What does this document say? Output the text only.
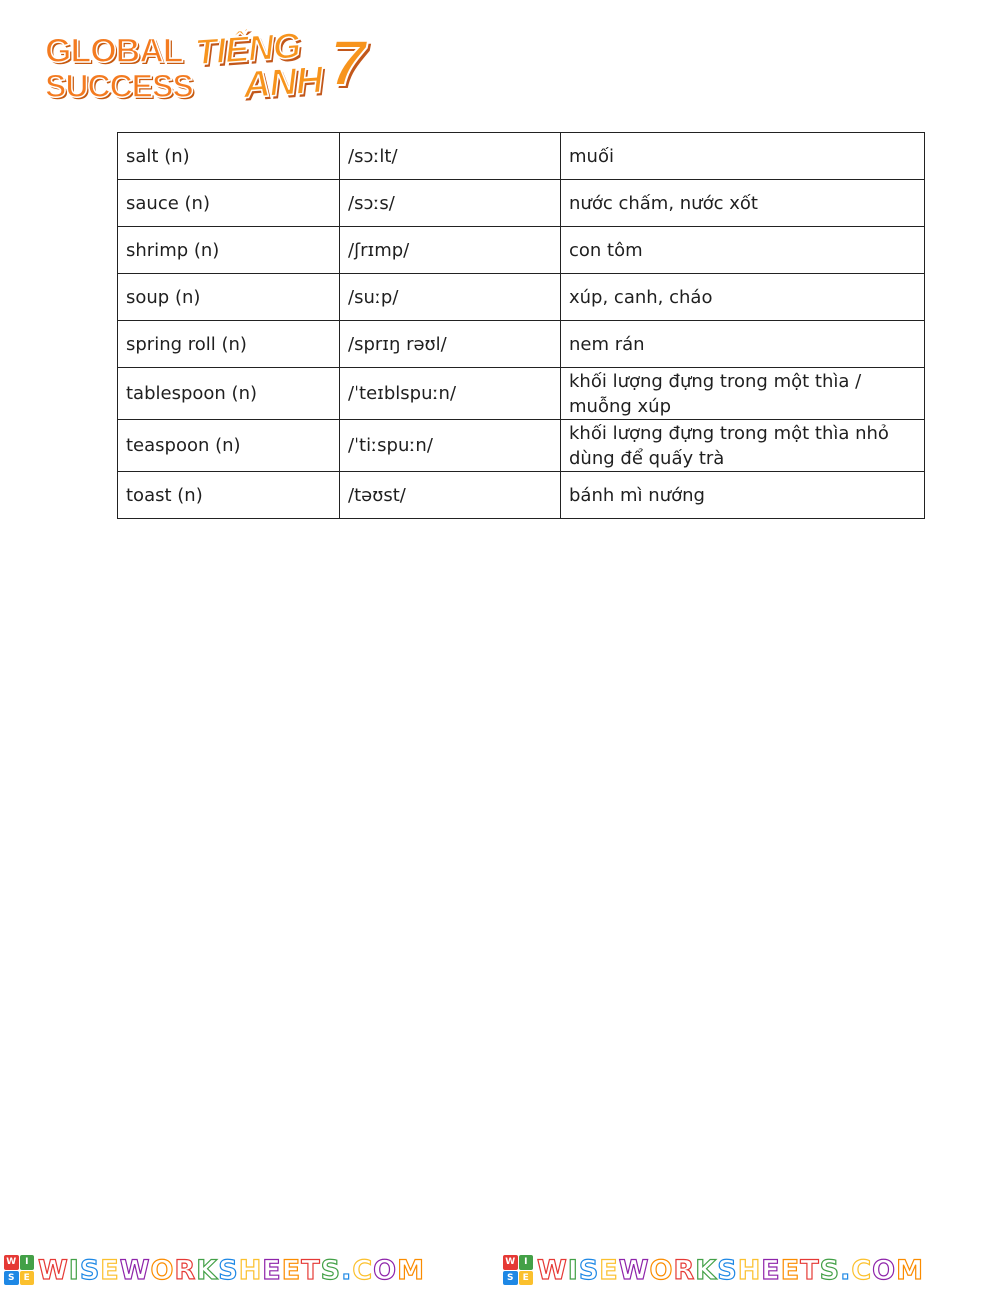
GLOBAL
SUCCESS
TIẾNG
ANH 7
salt (n)	/sɔːlt/	muối
sauce (n)	/sɔːs/	nước chấm, nước xốt
shrimp (n)	/ʃrɪmp/	con tôm
soup (n)	/suːp/	xúp, canh, cháo
spring roll (n)	/sprɪŋ rəʊl/	nem rán
tablespoon (n)	/ˈteɪblspuːn/	khối lượng đựng trong một thìa / muỗng xúp
teaspoon (n)	/ˈtiːspuːn/	khối lượng đựng trong một thìa nhỏ dùng để quấy trà
toast (n)	/təʊst/	bánh mì nướng
W I
S	E WISEWORKSHEETS.COM	W I
S	E WISEWORKSHEETS.COM
